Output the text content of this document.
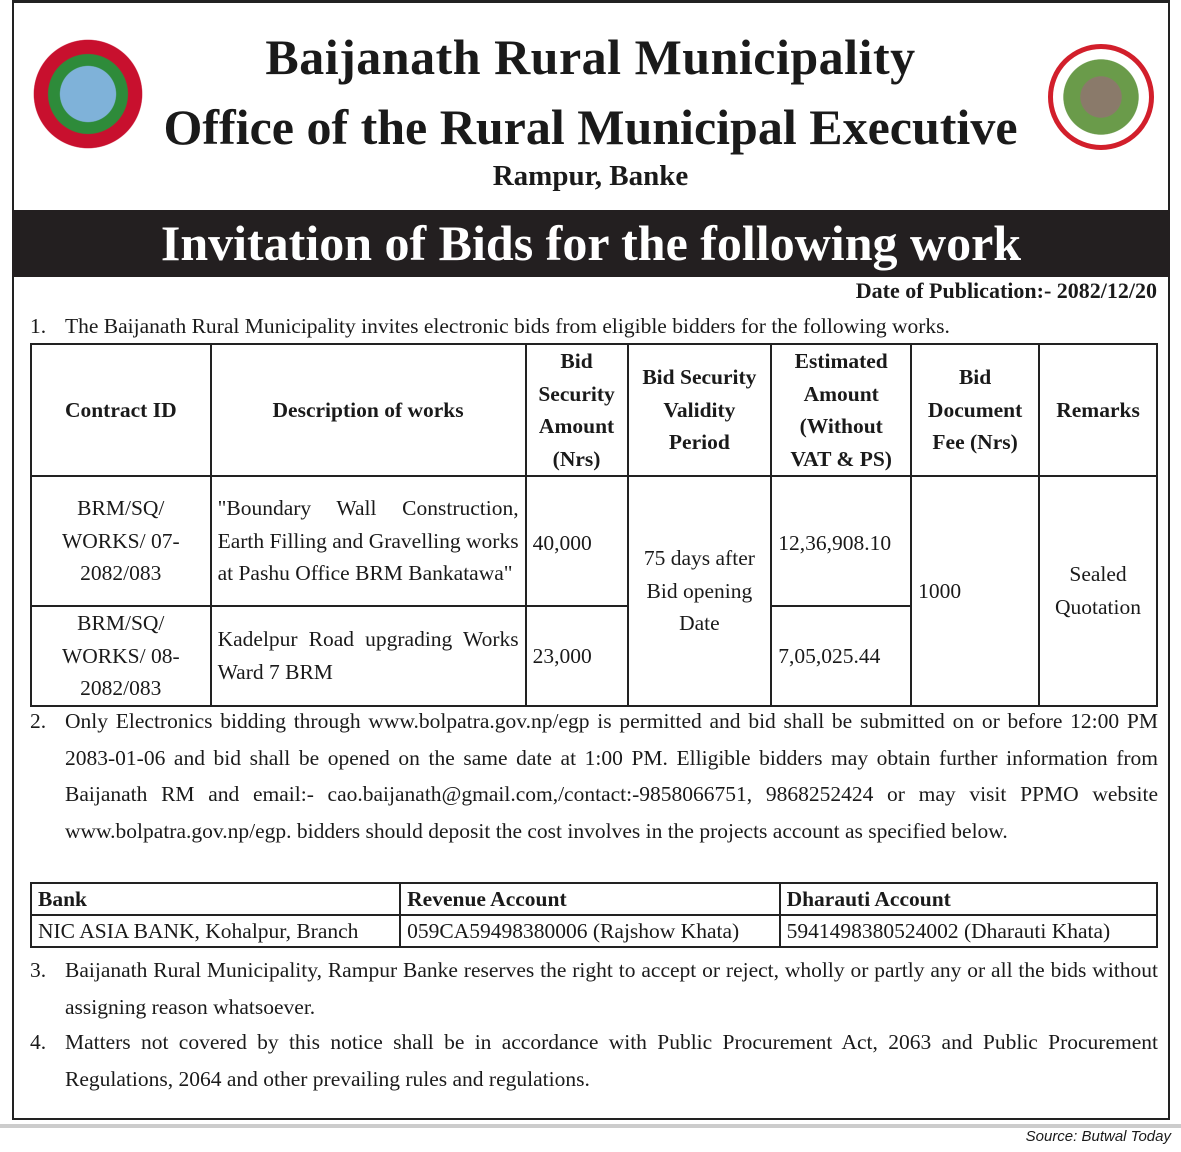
Baijanath Rural Municipality
Office of the Rural Municipal Executive
Rampur, Banke
Invitation of Bids for the following work
Date of Publication:- 2082/12/20
1. The Baijanath Rural Municipality invites electronic bids from eligible bidders for the following works.
Contract ID	Description of works	Bid Security Amount (Nrs)	Bid Security Validity Period	Estimated Amount (Without VAT & PS)	Bid Document Fee (Nrs)	Remarks
BRM/SQ/ WORKS/ 07-2082/083	"Boundary Wall Construction, Earth Filling and Gravelling works at Pashu Office BRM Bankatawa"	40,000	75 days after Bid opening Date	12,36,908.10	1000	Sealed Quotation
BRM/SQ/ WORKS/ 08-2082/083	Kadelpur Road upgrading Works Ward 7 BRM	23,000		7,05,025.44		
2. Only Electronics bidding through www.bolpatra.gov.np/egp is permitted and bid shall be submitted on or before 12:00 PM 2083-01-06 and bid shall be opened on the same date at 1:00 PM. Elligible bidders may obtain further information from Baijanath RM and email:- cao.baijanath@gmail.com,/contact:-9858066751, 9868252424 or may visit PPMO website www.bolpatra.gov.np/egp. bidders should deposit the cost involves in the projects account as specified below.
Bank	Revenue Account	Dharauti Account
NIC ASIA BANK, Kohalpur, Branch	059CA59498380006 (Rajshow Khata)	5941498380524002 (Dharauti Khata)
3. Baijanath Rural Municipality, Rampur Banke reserves the right to accept or reject, wholly or partly any or all the bids without assigning reason whatsoever.
4. Matters not covered by this notice shall be in accordance with Public Procurement Act, 2063 and Public Procurement Regulations, 2064 and other prevailing rules and regulations.
Source: Butwal Today
